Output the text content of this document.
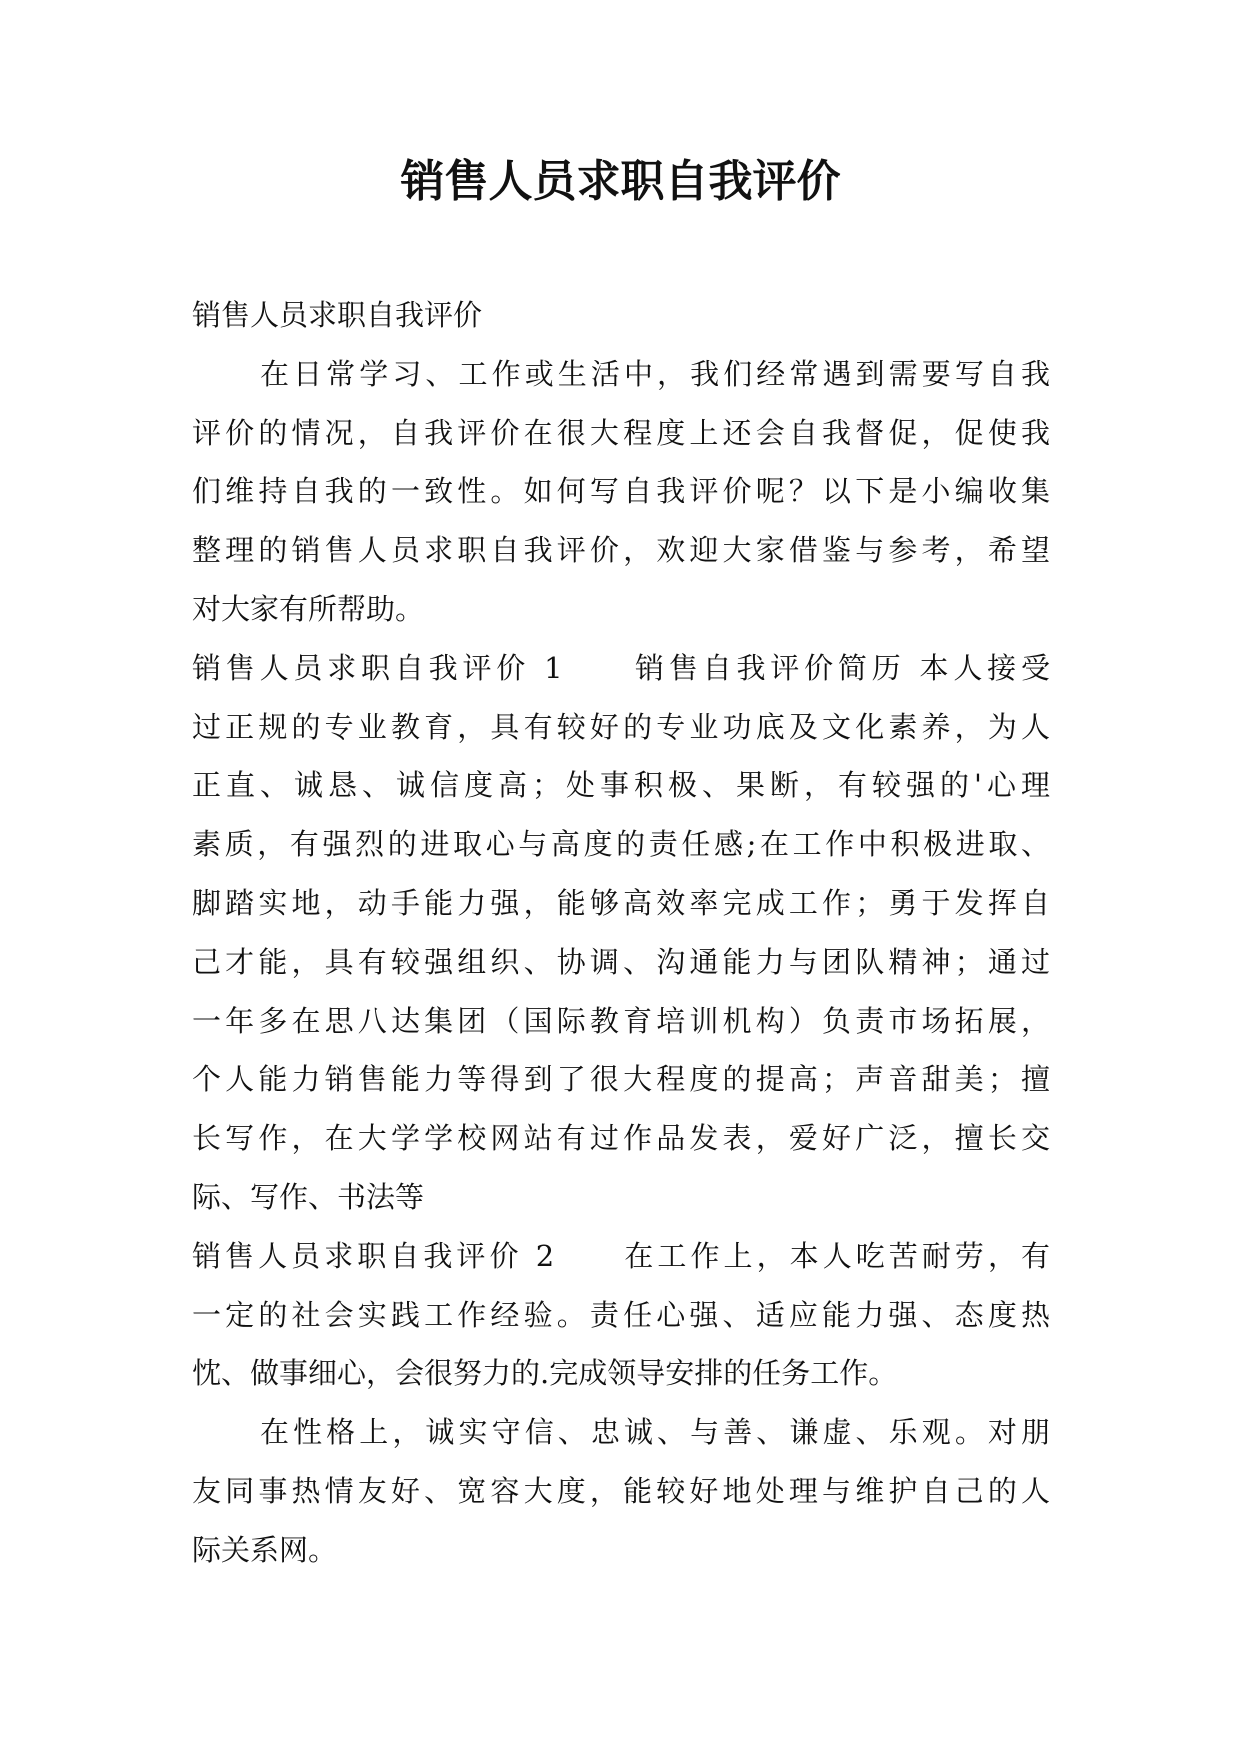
销售人员求职自我评价

销售人员求职自我评价

在日常学习、工作或生活中，我们经常遇到需要写自我
评价的情况，自我评价在很大程度上还会自我督促，促使我
们维持自我的一致性。如何写自我评价呢？以下是小编收集
整理的销售人员求职自我评价，欢迎大家借鉴与参考，希望
对大家有所帮助。

销售人员求职自我评价 1　　销售自我评价简历 本人接受
过正规的专业教育，具有较好的专业功底及文化素养，为人
正直、诚恳、诚信度高；处事积极、果断，有较强的'心理
素质，有强烈的进取心与高度的责任感;在工作中积极进取、
脚踏实地，动手能力强，能够高效率完成工作；勇于发挥自
己才能，具有较强组织、协调、沟通能力与团队精神；通过
一年多在思八达集团（国际教育培训机构）负责市场拓展，
个人能力销售能力等得到了很大程度的提高；声音甜美；擅
长写作，在大学学校网站有过作品发表，爱好广泛，擅长交
际、写作、书法等

销售人员求职自我评价 2　　在工作上，本人吃苦耐劳，有
一定的社会实践工作经验。责任心强、适应能力强、态度热
忱、做事细心，会很努力的.完成领导安排的任务工作。

在性格上，诚实守信、忠诚、与善、谦虚、乐观。对朋
友同事热情友好、宽容大度，能较好地处理与维护自己的人
际关系网。
